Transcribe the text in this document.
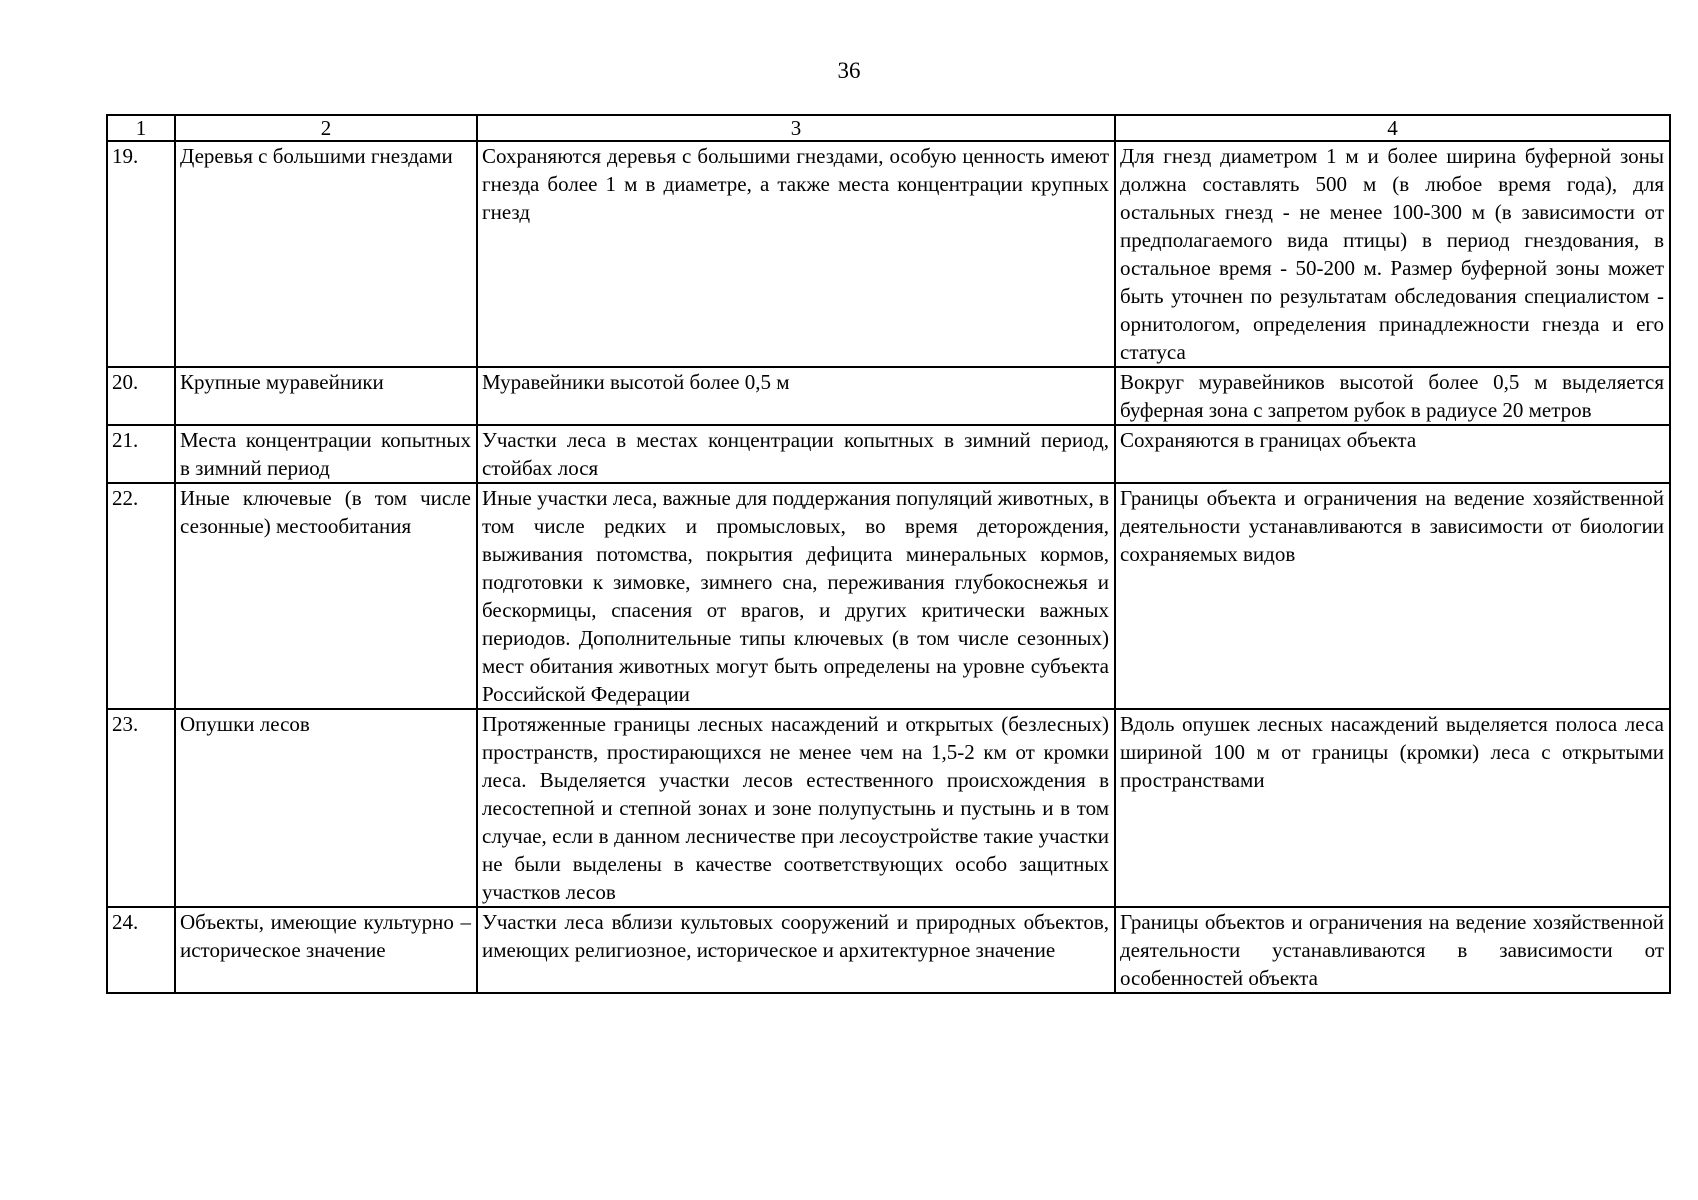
36
1	2	3	4
19.	Деревья с большими гнездами	Сохраняются деревья с большими гнездами, особую ценность имеют гнезда более 1 м в диаметре, а также места концентрации крупных гнезд	Для гнезд диаметром 1 м и более ширина буферной зоны должна составлять 500 м (в любое время года), для остальных гнезд - не менее 100-300 м (в зависимости от предполагаемого вида птицы) в период гнездования, в остальное время - 50-200 м. Размер буферной зоны может быть уточнен по результатам обследования специалистом - орнитологом, определения принадлежности гнезда и его статуса
20.	Крупные муравейники	Муравейники высотой более 0,5 м	Вокруг муравейников высотой более 0,5 м выделяется буферная зона с запретом рубок в радиусе 20 метров
21.	Места концентрации копытных в зимний период	Участки леса в местах концентрации копытных в зимний период, стойбах лося	Сохраняются в границах объекта
22.	Иные ключевые (в том числе сезонные) местообитания	Иные участки леса, важные для поддержания популяций животных, в том числе редких и промысловых, во время деторождения, выживания потомства, покрытия дефицита минеральных кормов, подготовки к зимовке, зимнего сна, переживания глубокоснежья и бескормицы, спасения от врагов, и других критически важных периодов. Дополнительные типы ключевых (в том числе сезонных) мест обитания животных могут быть определены на уровне субъекта Российской Федерации	Границы объекта и ограничения на ведение хозяйственной деятельности устанавливаются в зависимости от биологии сохраняемых видов
23.	Опушки лесов	Протяженные границы лесных насаждений и открытых (безлесных) пространств, простирающихся не менее чем на 1,5-2 км от кромки леса. Выделяется участки лесов естественного происхождения в лесостепной и степной зонах и зоне полупустынь и пустынь и в том случае, если в данном лесничестве при лесоустройстве такие участки не были выделены в качестве соответствующих особо защитных участков лесов	Вдоль опушек лесных насаждений выделяется полоса леса шириной 100 м от границы (кромки) леса с открытыми пространствами
24.	Объекты, имеющие культурно – историческое значение	Участки леса вблизи культовых сооружений и природных объектов, имеющих религиозное, историческое и архитектурное значение	Границы объектов и ограничения на ведение хозяйственной деятельности устанавливаются в зависимости от особенностей объекта
